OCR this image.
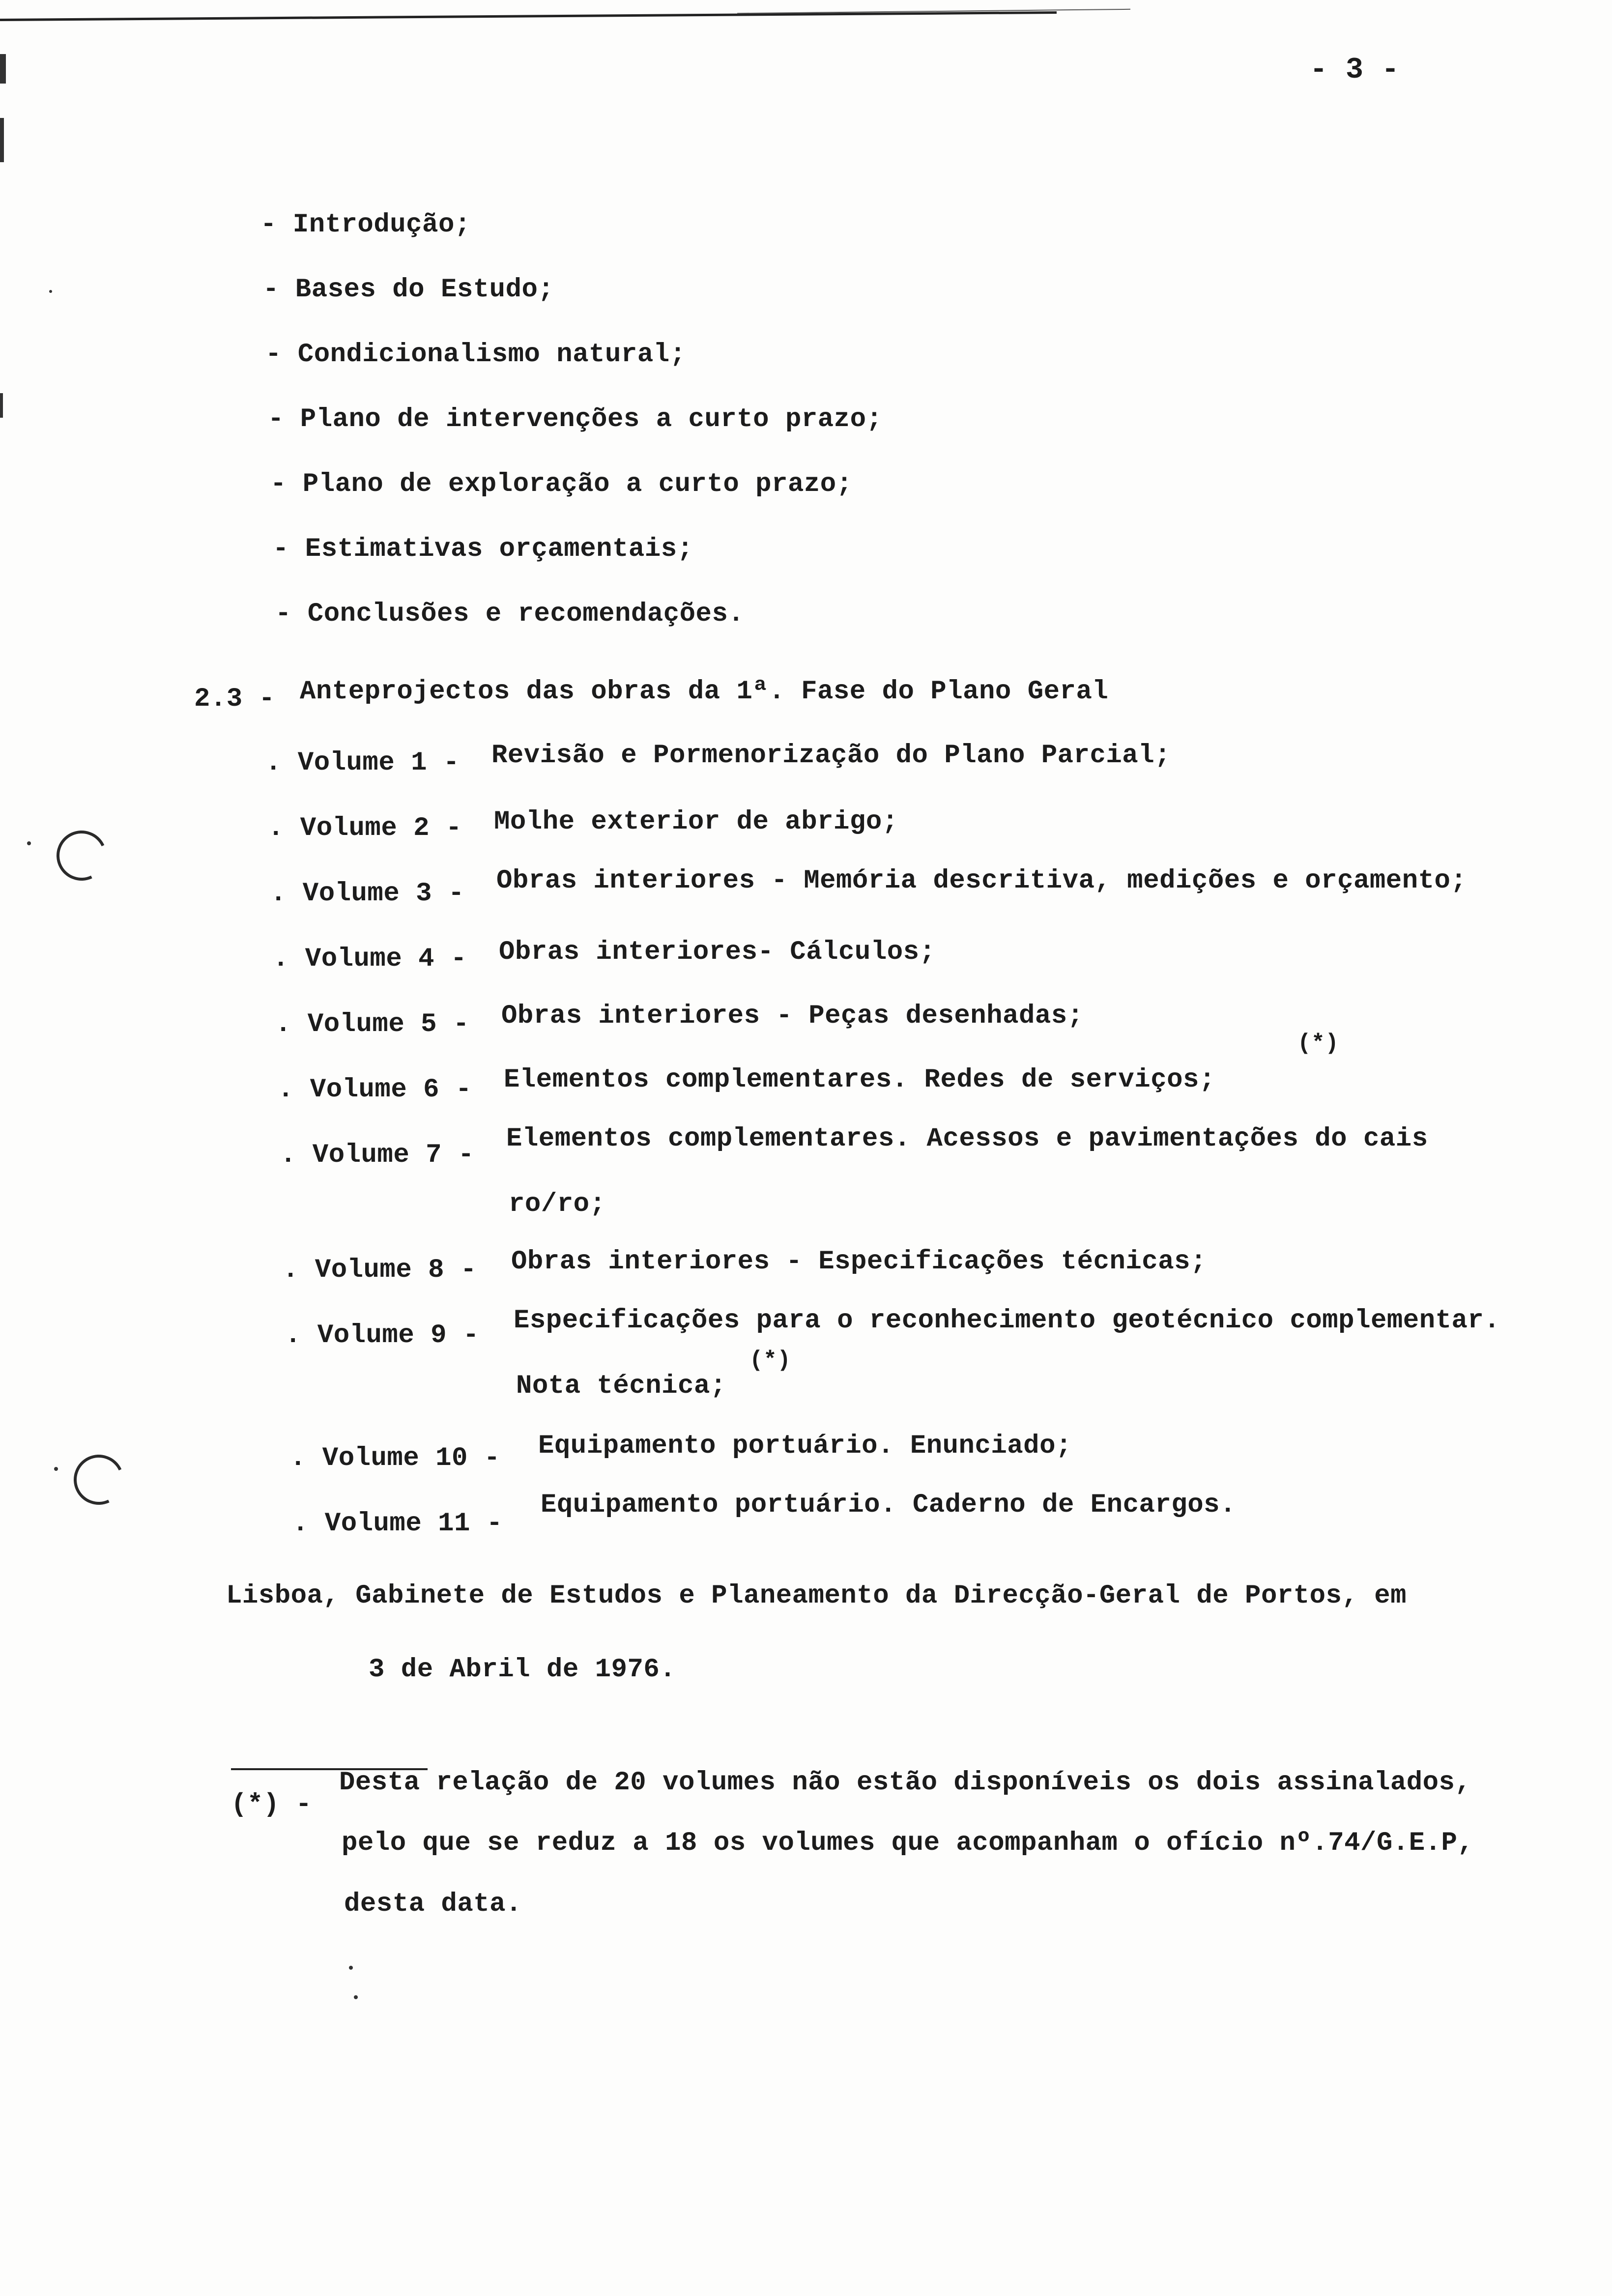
- 3 -
- Introdução;
- Bases do Estudo;
- Condicionalismo natural;
- Plano de intervenções a curto prazo;
- Plano de exploração a curto prazo;
- Estimativas orçamentais;
- Conclusões e recomendações.
2.3 - Anteprojectos das obras da 1ª. Fase do Plano Geral
. Volume 1 - Revisão e Pormenorização do Plano Parcial;
. Volume 2 - Molhe exterior de abrigo;
. Volume 3 - Obras interiores - Memória descritiva, medições e orçamento;
. Volume 4 - Obras interiores- Cálculos;
. Volume 5 - Obras interiores - Peças desenhadas;
. Volume 6 - Elementos complementares. Redes de serviços;
(*)
. Volume 7 -
Elementos complementares. Acessos e pavimentações do cais
ro/ro;
. Volume 8 - Obras interiores - Especificações técnicas;
. Volume 9 - Especificações para o reconhecimento geotécnico complementar.
Nota técnica;
(*)
. Volume 10 - Equipamento portuário. Enunciado;
. Volume 11 -
Equipamento portuário. Caderno de Encargos.
Lisboa, Gabinete de Estudos e Planeamento da Direcção-Geral de Portos, em
3 de Abril de 1976.
(*) -
Desta relação de 20 volumes não estão disponíveis os dois assinalados,
pelo que se reduz a 18 os volumes que acompanham o ofício nº.74/G.E.P,
desta data.
